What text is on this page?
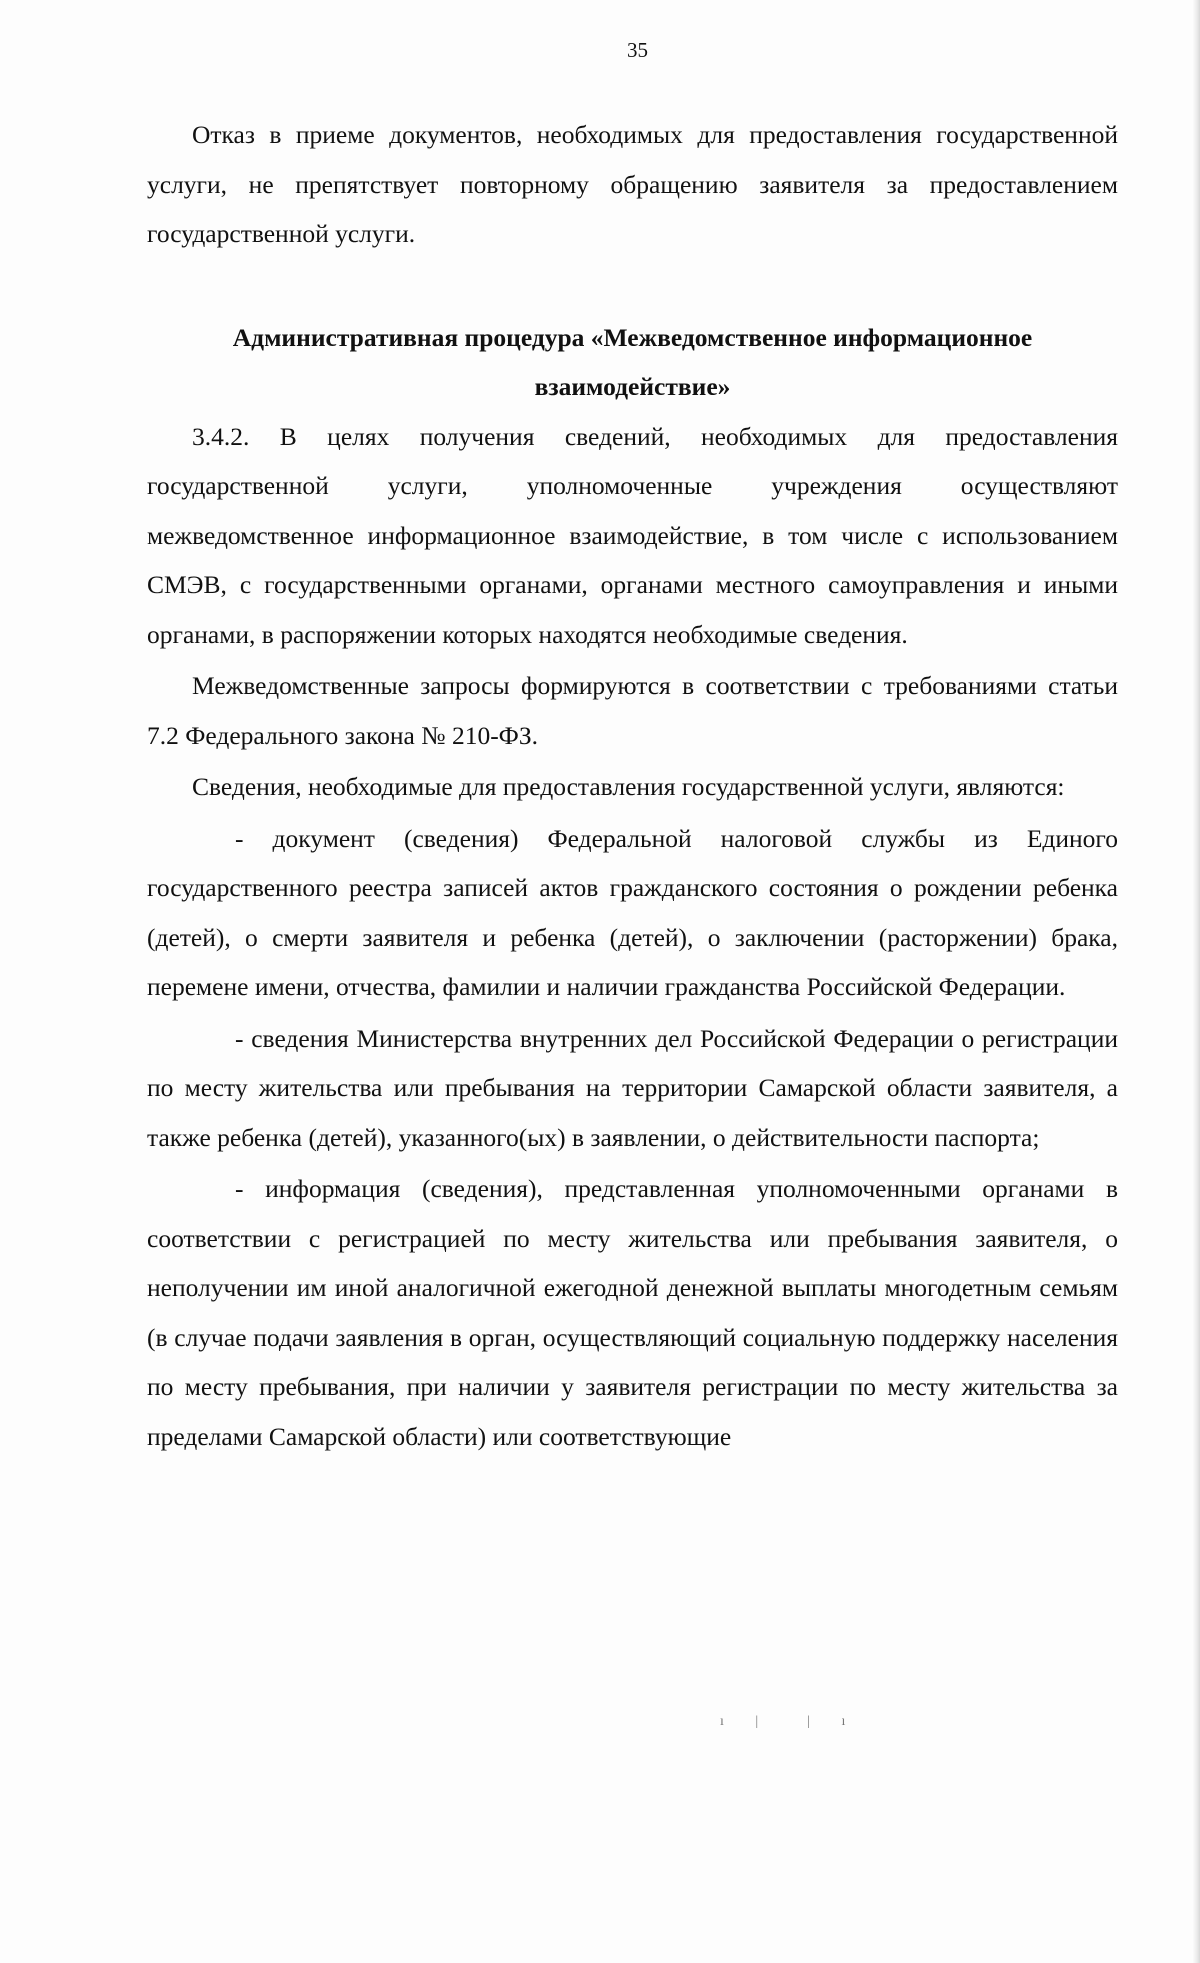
35

Отказ в приеме документов, необходимых для предоставления государственной услуги, не препятствует повторному обращению заявителя за предоставлением государственной услуги.

Административная процедура «Межведомственное информационное

взаимодействие»

3.4.2. В целях получения сведений, необходимых для предоставления государственной услуги, уполномоченные учреждения осуществляют межведомственное информационное взаимодействие, в том числе с использованием СМЭВ, с государственными органами, органами местного самоуправления и иными органами, в распоряжении которых находятся необходимые сведения.

Межведомственные запросы формируются в соответствии с требованиями статьи 7.2 Федерального закона № 210-ФЗ.

Сведения, необходимые для предоставления государственной услуги, являются:

- документ (сведения) Федеральной налоговой службы из Единого государственного реестра записей актов гражданского состояния о рождении ребенка (детей), о смерти заявителя и ребенка (детей), о заключении (расторжении) брака, перемене имени, отчества, фамилии и наличии гражданства Российской Федерации.

- сведения Министерства внутренних дел Российской Федерации о регистрации по месту жительства или пребывания на территории Самарской области заявителя, а также ребенка (детей), указанного(ых) в заявлении, о действительности паспорта;

- информация (сведения), представленная уполномоченными органами в соответствии с регистрацией по месту жительства или пребывания заявителя, о неполучении им иной аналогичной ежегодной денежной выплаты многодетным семьям (в случае подачи заявления в орган, осуществляющий социальную поддержку населения по месту пребывания, при наличии у заявителя регистрации по месту жительства за пределами Самарской области) или соответствующие

ı |  | ı
